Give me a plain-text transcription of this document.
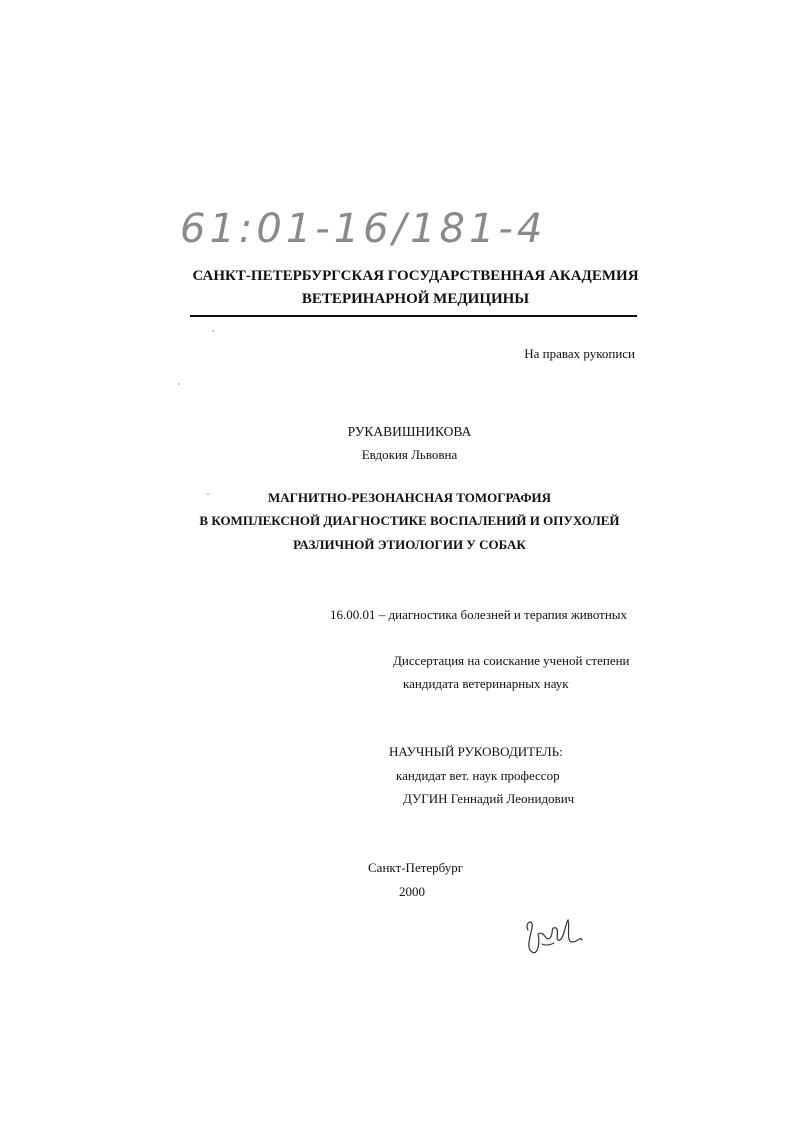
61:01-16/181-4
САНКТ-ПЕТЕРБУРГСКАЯ ГОСУДАРСТВЕННАЯ АКАДЕМИЯ
ВЕТЕРИНАРНОЙ МЕДИЦИНЫ
На правах рукописи
РУКАВИШНИКОВА
Евдокия Львовна
МАГНИТНО-РЕЗОНАНСНАЯ ТОМОГРАФИЯ
В КОМПЛЕКСНОЙ ДИАГНОСТИКЕ ВОСПАЛЕНИЙ И ОПУХОЛЕЙ
РАЗЛИЧНОЙ ЭТИОЛОГИИ У СОБАК
16.00.01 – диагностика болезней и терапия животных
Диссертация на соискание ученой степени
кандидата ветеринарных наук
НАУЧНЫЙ РУКОВОДИТЕЛЬ:
кандидат вет. наук профессор
ДУГИН Геннадий Леонидович
Санкт-Петербург
2000
